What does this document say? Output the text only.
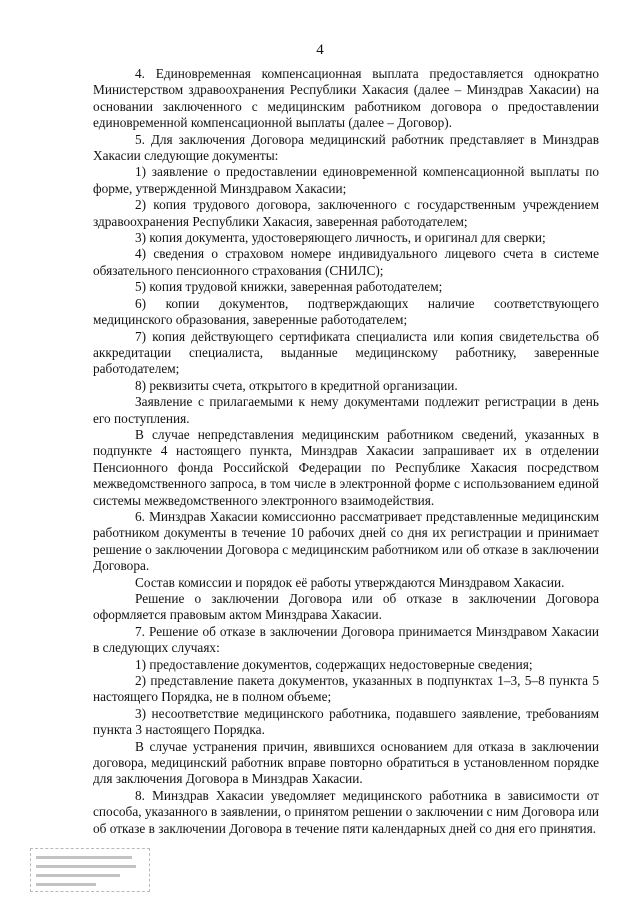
4

4. Единовременная компенсационная выплата предоставляется однократно Министерством здравоохранения Республики Хакасия (далее – Минздрав Хакасии) на основании заключенного с медицинским работником договора о предоставлении единовременной компенсационной выплаты (далее – Договор).

5. Для заключения Договора медицинский работник представляет в Минздрав Хакасии следующие документы:

1) заявление о предоставлении единовременной компенсационной выплаты по форме, утвержденной Минздравом Хакасии;

2) копия трудового договора, заключенного с государственным учреждением здравоохранения Республики Хакасия, заверенная работодателем;

3) копия документа, удостоверяющего личность, и оригинал для сверки;

4) сведения о страховом номере индивидуального лицевого счета в системе обязательного пенсионного страхования (СНИЛС);

5) копия трудовой книжки, заверенная работодателем;

6) копии документов, подтверждающих наличие соответствующего медицинского образования, заверенные работодателем;

7) копия действующего сертификата специалиста или копия свидетельства об аккредитации специалиста, выданные медицинскому работнику, заверенные работодателем;

8) реквизиты счета, открытого в кредитной организации.

Заявление с прилагаемыми к нему документами подлежит регистрации в день его поступления.

В случае непредставления медицинским работником сведений, указанных в подпункте 4 настоящего пункта, Минздрав Хакасии запрашивает их в отделении Пенсионного фонда Российской Федерации по Республике Хакасия посредством межведомственного запроса, в том числе в электронной форме с использованием единой системы межведомственного электронного взаимодействия.

6. Минздрав Хакасии комиссионно рассматривает представленные медицинским работником документы в течение 10 рабочих дней со дня их регистрации и принимает решение о заключении Договора с медицинским работником или об отказе в заключении Договора.

Состав комиссии и порядок её работы утверждаются Минздравом Хакасии.

Решение о заключении Договора или об отказе в заключении Договора оформляется правовым актом Минздрава Хакасии.

7. Решение об отказе в заключении Договора принимается Минздравом Хакасии в следующих случаях:

1) предоставление документов, содержащих недостоверные сведения;

2) представление пакета документов, указанных в подпунктах 1–3, 5–8 пункта 5 настоящего Порядка, не в полном объеме;

3) несоответствие медицинского работника, подавшего заявление, требованиям пункта 3 настоящего Порядка.

В случае устранения причин, явившихся основанием для отказа в заключении договора, медицинский работник вправе повторно обратиться в установленном порядке для заключения Договора в Минздрав Хакасии.

8. Минздрав Хакасии уведомляет медицинского работника в зависимости от способа, указанного в заявлении, о принятом решении о заключении с ним Договора или об отказе в заключении Договора в течение пяти календарных дней со дня его принятия.
